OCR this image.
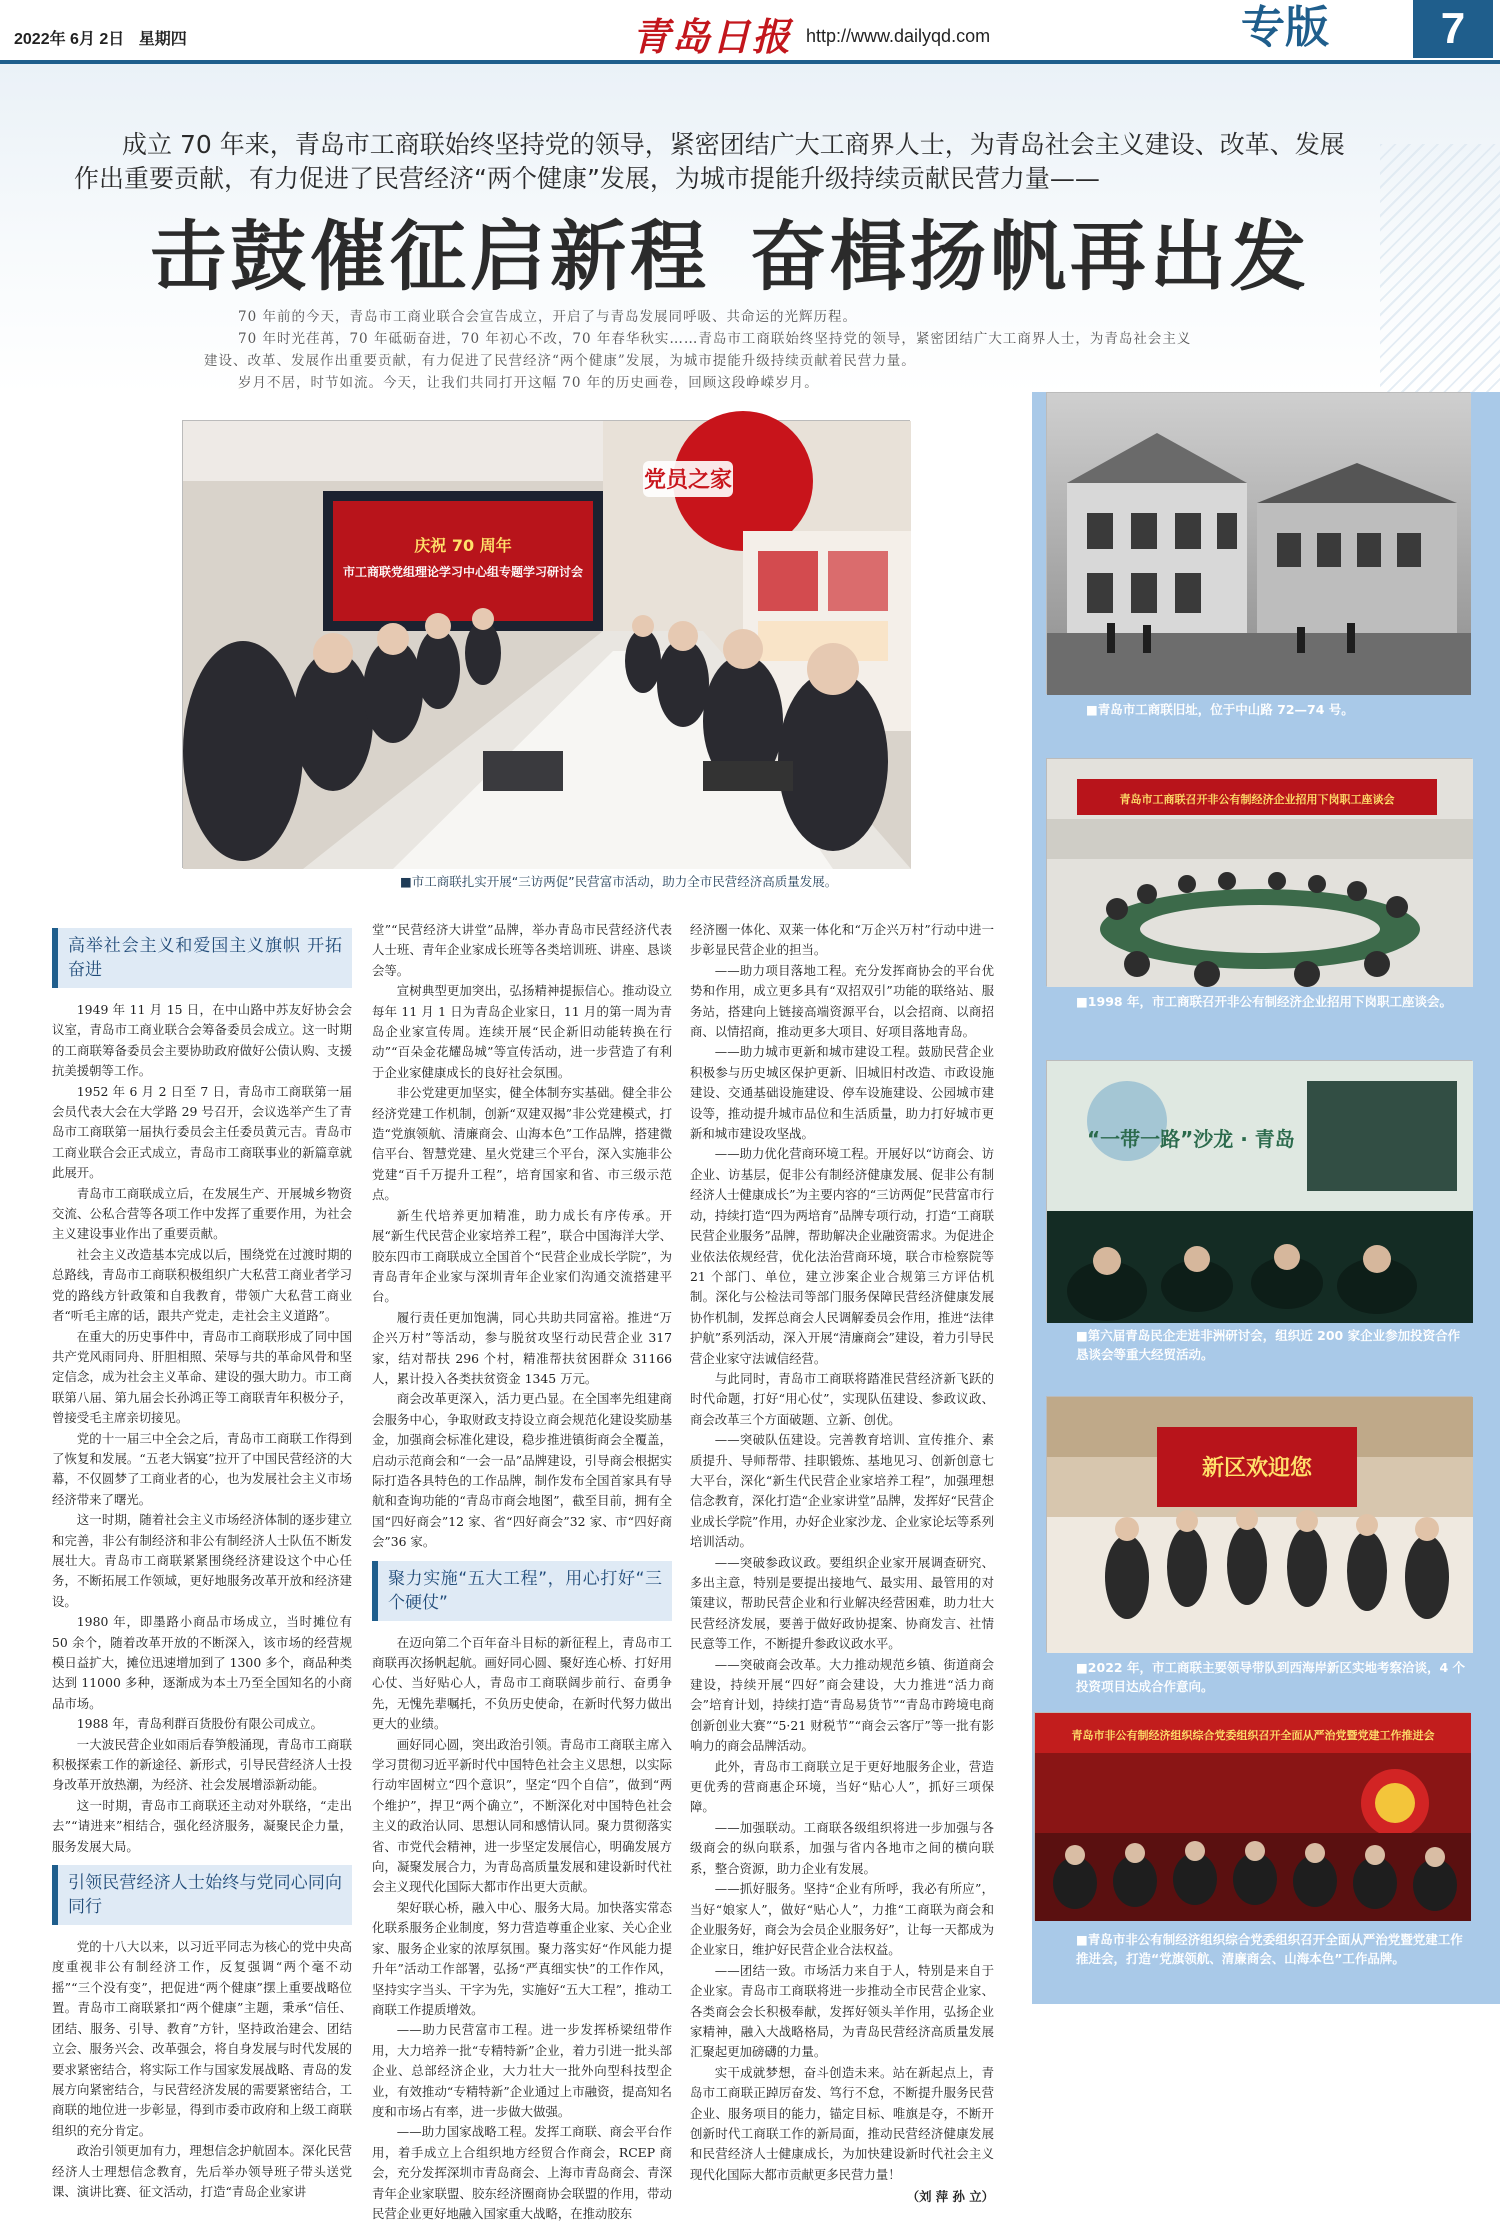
2022年 6月 2日 星期四	青岛日报 http://www.dailyqd.com	专版	7

成立 70 年来，青岛市工商联始终坚持党的领导，紧密团结广大工商界人士，为青岛社会主义建设、改革、发展

作出重要贡献，有力促进了民营经济“两个健康”发展，为城市提能升级持续贡献民营力量——

击鼓催征启新程 奋楫扬帆再出发

70 年前的今天，青岛市工商业联合会宣告成立，开启了与青岛发展同呼吸、共命运的光辉历程。

70 年时光荏苒，70 年砥砺奋进，70 年初心不改，70 年春华秋实……青岛市工商联始终坚持党的领导，紧密团结广大工商界人士，为青岛社会主义

建设、改革、发展作出重要贡献，有力促进了民营经济“两个健康”发展，为城市提能升级持续贡献着民营力量。

岁月不居，时节如流。今天，让我们共同打开这幅 70 年的历史画卷，回顾这段峥嵘岁月。

党员之家
庆祝 70 周年
市工商联党组理论学习中心组专题学习研讨会
■市工商联扎实开展“三访两促”民营富市活动，助力全市民营经济高质量发展。
■青岛市工商联旧址，位于中山路 72—74 号。
青岛市工商联召开非公有制经济企业招用下岗职工座谈会
■1998 年，市工商联召开非公有制经济企业招用下岗职工座谈会。
“一带一路”沙龙 · 青岛
■第六届青岛民企走进非洲研讨会，组织近 200 家企业参加投资合作恳谈会等重大经贸活动。
新区欢迎您
■2022 年，市工商联主要领导带队到西海岸新区实地考察洽谈，4 个投资项目达成合作意向。
青岛市非公有制经济组织综合党委组织召开全面从严治党暨党建工作推进会
■青岛市非公有制经济组织综合党委组织召开全面从严治党暨党建工作推进会，打造“党旗领航、清廉商会、山海本色”工作品牌。

高举社会主义和爱国主义旗帜 开拓奋进

1949 年 11 月 15 日，在中山路中苏友好协会会议室，青岛市工商业联合会筹备委员会成立。这一时期的工商联筹备委员会主要协助政府做好公债认购、支援抗美援朝等工作。

1952 年 6 月 2 日至 7 日，青岛市工商联第一届会员代表大会在大学路 29 号召开，会议选举产生了青岛市工商联第一届执行委员会主任委员黄元吉。青岛市工商业联合会正式成立，青岛市工商联事业的新篇章就此展开。

青岛市工商联成立后，在发展生产、开展城乡物资交流、公私合营等各项工作中发挥了重要作用，为社会主义建设事业作出了重要贡献。

社会主义改造基本完成以后，围绕党在过渡时期的总路线，青岛市工商联积极组织广大私营工商业者学习党的路线方针政策和自我教育，带领广大私营工商业者“听毛主席的话，跟共产党走，走社会主义道路”。

在重大的历史事件中，青岛市工商联形成了同中国共产党风雨同舟、肝胆相照、荣辱与共的革命风骨和坚定信念，成为社会主义革命、建设的强大助力。市工商联第八届、第九届会长孙鸿正等工商联青年积极分子，曾接受毛主席亲切接见。

党的十一届三中全会之后，青岛市工商联工作得到了恢复和发展。“五老大锅宴”拉开了中国民营经济的大幕，不仅圆梦了工商业者的心，也为发展社会主义市场经济带来了曙光。

这一时期，随着社会主义市场经济体制的逐步建立和完善，非公有制经济和非公有制经济人士队伍不断发展壮大。青岛市工商联紧紧围绕经济建设这个中心任务，不断拓展工作领域，更好地服务改革开放和经济建设。

1980 年，即墨路小商品市场成立，当时摊位有 50 余个，随着改革开放的不断深入，该市场的经营规模日益扩大，摊位迅速增加到了 1300 多个，商品种类达到 11000 多种，逐渐成为本土乃至全国知名的小商品市场。

1988 年，青岛利群百货股份有限公司成立。

一大波民营企业如雨后春笋般涌现，青岛市工商联积极探索工作的新途径、新形式，引导民营经济人士投身改革开放热潮，为经济、社会发展增添新动能。

这一时期，青岛市工商联还主动对外联络，“走出去”“请进来”相结合，强化经济服务，凝聚民企力量，服务发展大局。

引领民营经济人士始终与党同心同向同行

党的十八大以来，以习近平同志为核心的党中央高度重视非公有制经济工作，反复强调“两个毫不动摇”“三个没有变”，把促进“两个健康”摆上重要战略位置。青岛市工商联紧扣“两个健康”主题，秉承“信任、团结、服务、引导、教育”方针，坚持政治建会、团结立会、服务兴会、改革强会，将自身发展与时代发展的要求紧密结合，将实际工作与国家发展战略、青岛的发展方向紧密结合，与民营经济发展的需要紧密结合，工商联的地位进一步彰显，得到市委市政府和上级工商联组织的充分肯定。

政治引领更加有力，理想信念护航固本。深化民营经济人士理想信念教育，先后举办领导班子带头送党课、演讲比赛、征文活动，打造“青岛企业家讲

堂”“民营经济大讲堂”品牌，举办青岛市民营经济代表人士班、青年企业家成长班等各类培训班、讲座、恳谈会等。

宣树典型更加突出，弘扬精神提振信心。推动设立每年 11 月 1 日为青岛企业家日，11 月的第一周为青岛企业家宣传周。连续开展“民企新旧动能转换在行动”“百朵金花耀岛城”等宣传活动，进一步营造了有利于企业家健康成长的良好社会氛围。

非公党建更加坚实，健全体制夯实基础。健全非公经济党建工作机制，创新“双建双揭”非公党建模式，打造“党旗领航、清廉商会、山海本色”工作品牌，搭建微信平台、智慧党建、星火党建三个平台，深入实施非公党建“百千万提升工程”，培育国家和省、市三级示范点。

新生代培养更加精准，助力成长有序传承。开展“新生代民营企业家培养工程”，联合中国海洋大学、胶东四市工商联成立全国首个“民营企业成长学院”，为青岛青年企业家与深圳青年企业家们沟通交流搭建平台。

履行责任更加饱满，同心共助共同富裕。推进“万企兴万村”等活动，参与脱贫攻坚行动民营企业 317 家，结对帮扶 296 个村，精准帮扶贫困群众 31166 人，累计投入各类扶贫资金 1345 万元。

商会改革更深入，活力更凸显。在全国率先组建商会服务中心，争取财政支持设立商会规范化建设奖励基金，加强商会标准化建设，稳步推进镇街商会全覆盖，启动示范商会和“一会一品”品牌建设，引导商会根据实际打造各具特色的工作品牌，制作发布全国首家具有导航和查询功能的“青岛市商会地图”，截至目前，拥有全国“四好商会”12 家、省“四好商会”32 家、市“四好商会”36 家。

聚力实施“五大工程”，用心打好“三个硬仗”

在迈向第二个百年奋斗目标的新征程上，青岛市工商联再次扬帆起航。画好同心圆、聚好连心桥、打好用心仗、当好贴心人，青岛市工商联阔步前行、奋勇争先，无愧先辈嘱托，不负历史使命，在新时代努力做出更大的业绩。

画好同心圆，突出政治引领。青岛市工商联主席入学习贯彻习近平新时代中国特色社会主义思想，以实际行动牢固树立“四个意识”，坚定“四个自信”，做到“两个维护”，捍卫“两个确立”，不断深化对中国特色社会主义的政治认同、思想认同和感情认同。聚力贯彻落实省、市党代会精神，进一步坚定发展信心，明确发展方向，凝聚发展合力，为青岛高质量发展和建设新时代社会主义现代化国际大都市作出更大贡献。

架好联心桥，融入中心、服务大局。加快落实常态化联系服务企业制度，努力营造尊重企业家、关心企业家、服务企业家的浓厚氛围。聚力落实好“作风能力提升年”活动工作部署，弘扬“严真细实快”的工作作风，坚持实字当头、干字为先，实施好“五大工程”，推动工商联工作提质增效。

——助力民营富市工程。进一步发挥桥梁纽带作用，大力培养一批“专精特新”企业，着力引进一批头部企业、总部经济企业，大力壮大一批外向型科技型企业，有效推动“专精特新”企业通过上市融资，提高知名度和市场占有率，进一步做大做强。

——助力国家战略工程。发挥工商联、商会平台作用，着手成立上合组织地方经贸合作商会，RCEP 商会，充分发挥深圳市青岛商会、上海市青岛商会、青深青年企业家联盟、胶东经济圈商协会联盟的作用，带动民营企业更好地融入国家重大战略，在推动胶东

经济圈一体化、双莱一体化和“万企兴万村”行动中进一步彰显民营企业的担当。

——助力项目落地工程。充分发挥商协会的平台优势和作用，成立更多具有“双招双引”功能的联络站、服务站，搭建向上链接高端资源平台，以会招商、以商招商、以情招商，推动更多大项目、好项目落地青岛。

——助力城市更新和城市建设工程。鼓励民营企业积极参与历史城区保护更新、旧城旧村改造、市政设施建设、交通基础设施建设、停车设施建设、公园城市建设等，推动提升城市品位和生活质量，助力打好城市更新和城市建设攻坚战。

——助力优化营商环境工程。开展好以“访商会、访企业、访基层，促非公有制经济健康发展、促非公有制经济人士健康成长”为主要内容的“三访两促”民营富市行动，持续打造“四为两培育”品牌专项行动，打造“工商联民营企业服务”品牌，帮助解决企业融资需求。为促进企业依法依规经营，优化法治营商环境，联合市检察院等 21 个部门、单位，建立涉案企业合规第三方评估机制。深化与公检法司等部门服务保障民营经济健康发展协作机制，发挥总商会人民调解委员会作用，推进“法律护航”系列活动，深入开展“清廉商会”建设，着力引导民营企业家守法诚信经营。

与此同时，青岛市工商联将踏准民营经济新飞跃的时代命题，打好“用心仗”，实现队伍建设、参政议政、商会改革三个方面破题、立新、创优。

——突破队伍建设。完善教育培训、宣传推介、素质提升、导师帮带、挂职锻炼、基地见习、创新创意七大平台，深化“新生代民营企业家培养工程”，加强理想信念教育，深化打造“企业家讲堂”品牌，发挥好“民营企业成长学院”作用，办好企业家沙龙、企业家论坛等系列培训活动。

——突破参政议政。要组织企业家开展调查研究、多出主意，特别是要提出接地气、最实用、最管用的对策建议，帮助民营企业和行业解决经营困难，助力壮大民营经济发展，要善于做好政协提案、协商发言、社情民意等工作，不断提升参政议政水平。

——突破商会改革。大力推动规范乡镇、街道商会建设，持续开展“四好”商会建设，大力推进“活力商会”培育计划，持续打造“青岛易货节”“青岛市跨境电商创新创业大赛”“5·21 财税节”“商会云客厅”等一批有影响力的商会品牌活动。

此外，青岛市工商联立足于更好地服务企业，营造更优秀的营商惠企环境，当好“贴心人”，抓好三项保障。

——加强联动。工商联各级组织将进一步加强与各级商会的纵向联系，加强与省内各地市之间的横向联系，整合资源，助力企业有发展。

——抓好服务。坚持“企业有所呼，我必有所应”，当好“娘家人”，做好“贴心人”，力推“工商联为商会和企业服务好，商会为会员企业服务好”，让每一天都成为企业家日，维护好民营企业合法权益。

——团结一致。市场活力来自于人，特别是来自于企业家。青岛市工商联将进一步推动全市民营企业家、各类商会会长积极奉献，发挥好领头羊作用，弘扬企业家精神，融入大战略格局，为青岛民营经济高质量发展汇聚起更加磅礴的力量。

实干成就梦想，奋斗创造未来。站在新起点上，青岛市工商联正踔厉奋发、笃行不怠，不断提升服务民营企业、服务项目的能力，锚定目标、唯旗是夺，不断开创新时代工商联工作的新局面，推动民营经济健康发展和民营经济人士健康成长，为加快建设新时代社会主义现代化国际大都市贡献更多民营力量！

（刘 萍 孙 立）
